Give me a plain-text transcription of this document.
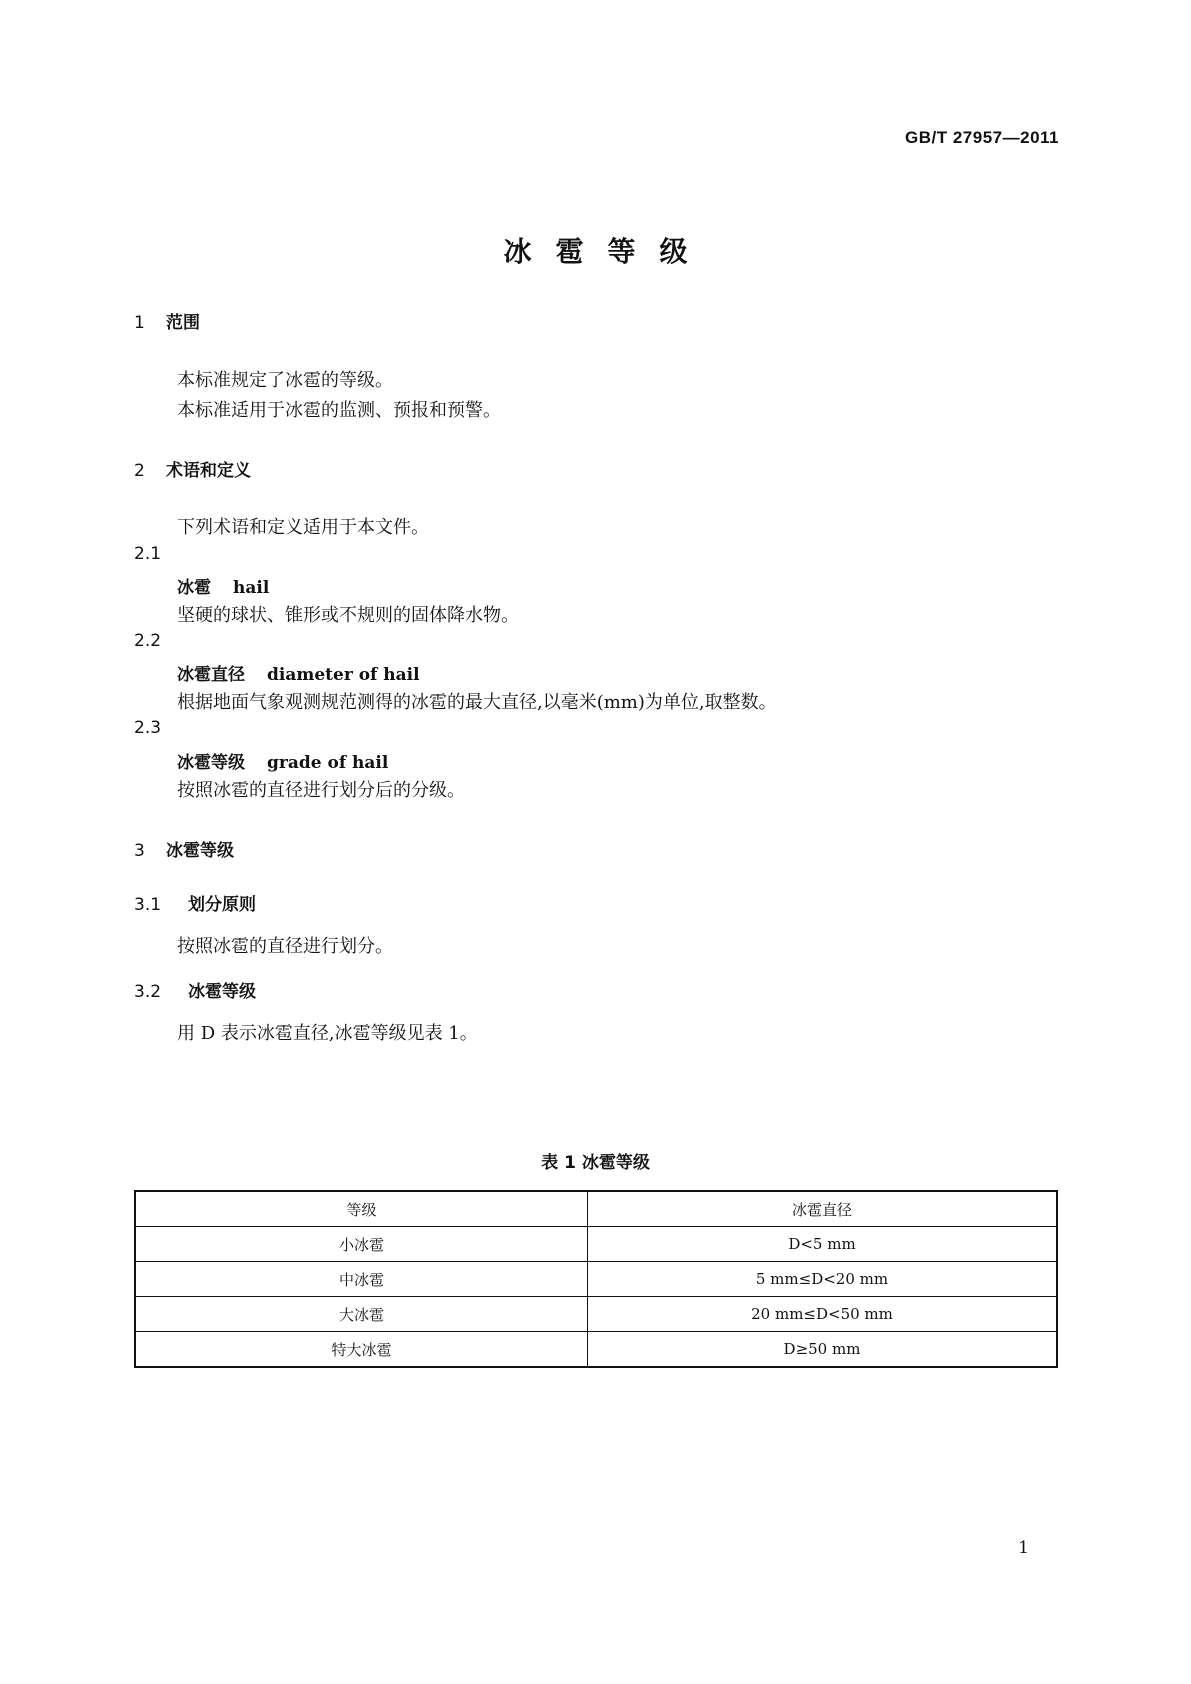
GB/T 27957—2011
冰雹等级
1 范围
本标准规定了冰雹的等级。
本标准适用于冰雹的监测、预报和预警。
2 术语和定义
下列术语和定义适用于本文件。
2.1
冰雹 hail
坚硬的球状、锥形或不规则的固体降水物。
2.2
冰雹直径 diameter of hail
根据地面气象观测规范测得的冰雹的最大直径,以毫米(mm)为单位,取整数。
2.3
冰雹等级 grade of hail
按照冰雹的直径进行划分后的分级。
3 冰雹等级
3.1 划分原则
按照冰雹的直径进行划分。
3.2 冰雹等级
用 D 表示冰雹直径,冰雹等级见表 1。
表 1 冰雹等级
等级	冰雹直径
小冰雹	D<5 mm
中冰雹	5 mm≤D<20 mm
大冰雹	20 mm≤D<50 mm
特大冰雹	D≥50 mm
1
